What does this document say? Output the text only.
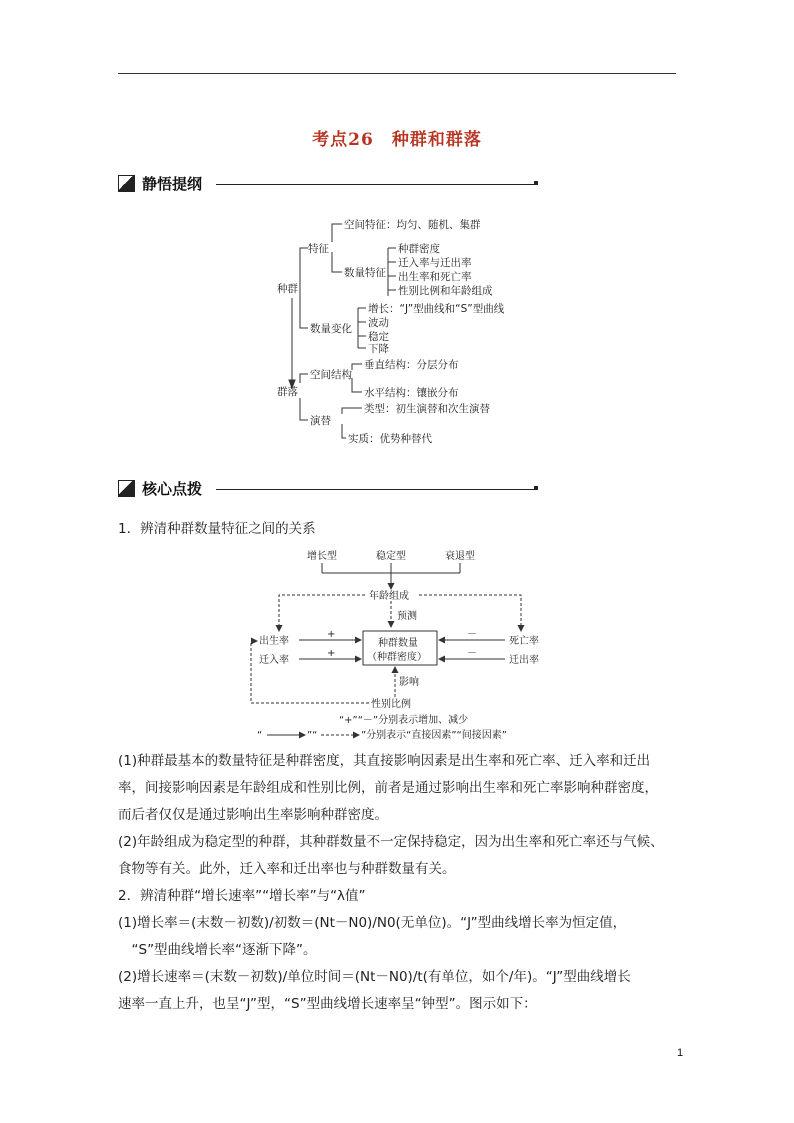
考点26　种群和群落
静悟提纲
种群
特征
空间特征：均匀、随机、集群
数量特征
种群密度
迁入率与迁出率
出生率和死亡率
性别比例和年龄组成
数量变化
增长：“J”型曲线和“S”型曲线
波动
稳定
下降
群落
空间结构
垂直结构：分层分布
水平结构：镶嵌分布
演替
类型：初生演替和次生演替
实质：优势种替代
核心点拨
1．辨清种群数量特征之间的关系
增长型	稳定型	衰退型
年龄组成
预测
出生率
迁入率
死亡率
迁出率
+
+
－
－
种群数量
（种群密度）
影响
性别比例
“+”“－”分别表示增加、减少
“	”“	”分别表示“直接因素”“间接因素”
(1)种群最基本的数量特征是种群密度，其直接影响因素是出生率和死亡率、迁入率和迁出
率，间接影响因素是年龄组成和性别比例，前者是通过影响出生率和死亡率影响种群密度，
而后者仅仅是通过影响出生率影响种群密度。
(2)年龄组成为稳定型的种群，其种群数量不一定保持稳定，因为出生率和死亡率还与气候、
食物等有关。此外，迁入率和迁出率也与种群数量有关。
2．辨清种群“增长速率”“增长率”与“λ值”
(1)增长率＝(末数－初数)/初数＝(Nt－N0)/N0(无单位)。“J”型曲线增长率为恒定值，
　“S”型曲线增长率“逐渐下降”。
(2)增长速率＝(末数－初数)/单位时间＝(Nt－N0)/t(有单位，如个/年)。“J”型曲线增长
速率一直上升，也呈“J”型，“S”型曲线增长速率呈“钟型”。图示如下：
1
